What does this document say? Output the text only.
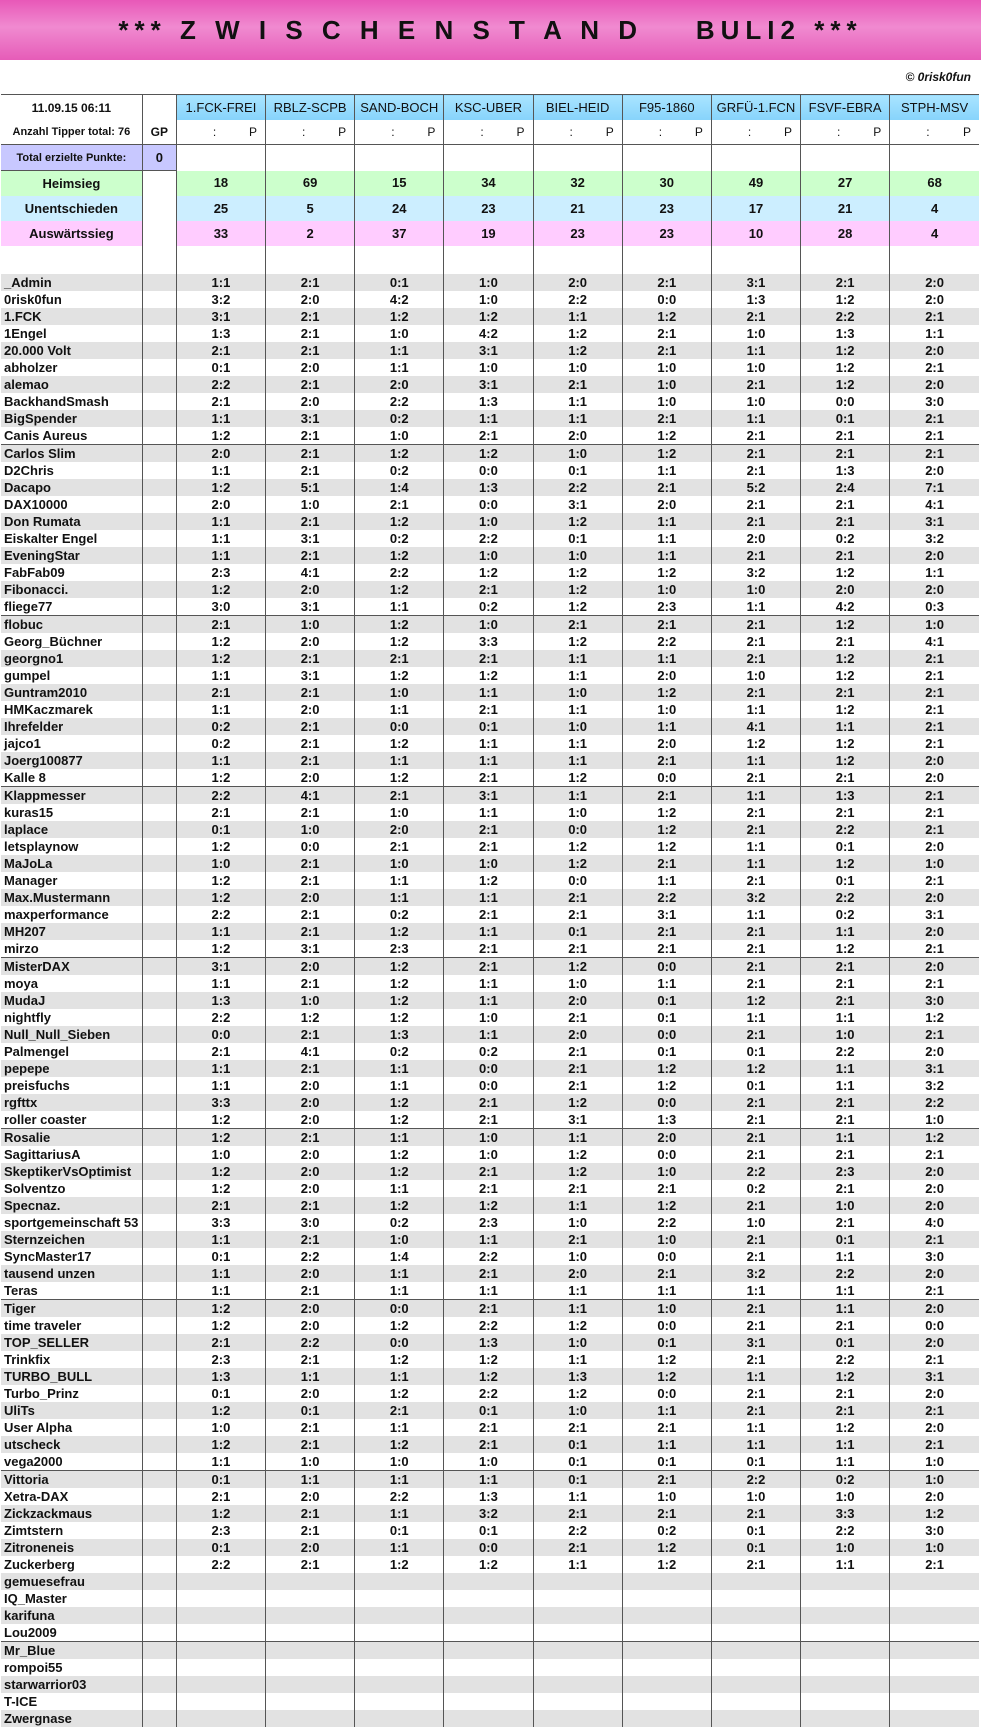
*** Z W I S C H E N S T A N D    BULI2 ***
© 0risk0fun
11.09.15 06:11		1.FCK-FREI	RBLZ-SCPB	SAND-BOCH	KSC-UBER	BIEL-HEID	F95-1860	GRFÜ-1.FCN	FSVF-EBRA	STPH-MSV
Anzahl Tipper total: 76	GP	: P	: P	: P	: P	: P	: P	: P	: P	: P

Total erzielte Punkte:	0									
Heimsieg		18	69	15	34	32	30	49	27	68
Unentschieden		25	5	24	23	21	23	17	21	4
Auswärtssieg		33	2	37	19	23	23	10	28	4

_Admin		1:1	2:1	0:1	1:0	2:0	2:1	3:1	2:1	2:0
0risk0fun		3:2	2:0	4:2	1:0	2:2	0:0	1:3	1:2	2:0
1.FCK		3:1	2:1	1:2	1:2	1:1	1:2	2:1	2:2	2:1
1Engel		1:3	2:1	1:0	4:2	1:2	2:1	1:0	1:3	1:1
20.000 Volt		2:1	2:1	1:1	3:1	1:2	2:1	1:1	1:2	2:0
abholzer		0:1	2:0	1:1	1:0	1:0	1:0	1:0	1:2	2:1
alemao		2:2	2:1	2:0	3:1	2:1	1:0	2:1	1:2	2:0
BackhandSmash		2:1	2:0	2:2	1:3	1:1	1:0	1:0	0:0	3:0
BigSpender		1:1	3:1	0:2	1:1	1:1	2:1	1:1	0:1	2:1
Canis Aureus		1:2	2:1	1:0	2:1	2:0	1:2	2:1	2:1	2:1
Carlos Slim		2:0	2:1	1:2	1:2	1:0	1:2	2:1	2:1	2:1
D2Chris		1:1	2:1	0:2	0:0	0:1	1:1	2:1	1:3	2:0
Dacapo		1:2	5:1	1:4	1:3	2:2	2:1	5:2	2:4	7:1
DAX10000		2:0	1:0	2:1	0:0	3:1	2:0	2:1	2:1	4:1
Don Rumata		1:1	2:1	1:2	1:0	1:2	1:1	2:1	2:1	3:1
Eiskalter Engel		1:1	3:1	0:2	2:2	0:1	1:1	2:0	0:2	3:2
EveningStar		1:1	2:1	1:2	1:0	1:0	1:1	2:1	2:1	2:0
FabFab09		2:3	4:1	2:2	1:2	1:2	1:2	3:2	1:2	1:1
Fibonacci.		1:2	2:0	1:2	2:1	1:2	1:0	1:0	2:0	2:0
fliege77		3:0	3:1	1:1	0:2	1:2	2:3	1:1	4:2	0:3
flobuc		2:1	1:0	1:2	1:0	2:1	2:1	2:1	1:2	1:0
Georg_Büchner		1:2	2:0	1:2	3:3	1:2	2:2	2:1	2:1	4:1
georgno1		1:2	2:1	2:1	2:1	1:1	1:1	2:1	1:2	2:1
gumpel		1:1	3:1	1:2	1:2	1:1	2:0	1:0	1:2	2:1
Guntram2010		2:1	2:1	1:0	1:1	1:0	1:2	2:1	2:1	2:1
HMKaczmarek		1:1	2:0	1:1	2:1	1:1	1:0	1:1	1:2	2:1
Ihrefelder		0:2	2:1	0:0	0:1	1:0	1:1	4:1	1:1	2:1
jajco1		0:2	2:1	1:2	1:1	1:1	2:0	1:2	1:2	2:1
Joerg100877		1:1	2:1	1:1	1:1	1:1	2:1	1:1	1:2	2:0
Kalle 8		1:2	2:0	1:2	2:1	1:2	0:0	2:1	2:1	2:0
Klappmesser		2:2	4:1	2:1	3:1	1:1	2:1	1:1	1:3	2:1
kuras15		2:1	2:1	1:0	1:1	1:0	1:2	2:1	2:1	2:1
laplace		0:1	1:0	2:0	2:1	0:0	1:2	2:1	2:2	2:1
letsplaynow		1:2	0:0	2:1	2:1	1:2	1:2	1:1	0:1	2:0
MaJoLa		1:0	2:1	1:0	1:0	1:2	2:1	1:1	1:2	1:0
Manager		1:2	2:1	1:1	1:2	0:0	1:1	2:1	0:1	2:1
Max.Mustermann		1:2	2:0	1:1	1:1	2:1	2:2	3:2	2:2	2:0
maxperformance		2:2	2:1	0:2	2:1	2:1	3:1	1:1	0:2	3:1
MH207		1:1	2:1	1:2	1:1	0:1	2:1	2:1	1:1	2:0
mirzo		1:2	3:1	2:3	2:1	2:1	2:1	2:1	1:2	2:1
MisterDAX		3:1	2:0	1:2	2:1	1:2	0:0	2:1	2:1	2:0
moya		1:1	2:1	1:2	1:1	1:0	1:1	2:1	2:1	2:1
MudaJ		1:3	1:0	1:2	1:1	2:0	0:1	1:2	2:1	3:0
nightfly		2:2	1:2	1:2	1:0	2:1	0:1	1:1	1:1	1:2
Null_Null_Sieben		0:0	2:1	1:3	1:1	2:0	0:0	2:1	1:0	2:1
Palmengel		2:1	4:1	0:2	0:2	2:1	0:1	0:1	2:2	2:0
pepepe		1:1	2:1	1:1	0:0	2:1	1:2	1:2	1:1	3:1
preisfuchs		1:1	2:0	1:1	0:0	2:1	1:2	0:1	1:1	3:2
rgfttx		3:3	2:0	1:2	2:1	1:2	0:0	2:1	2:1	2:2
roller coaster		1:2	2:0	1:2	2:1	3:1	1:3	2:1	2:1	1:0
Rosalie		1:2	2:1	1:1	1:0	1:1	2:0	2:1	1:1	1:2
SagittariusA		1:0	2:0	1:2	1:0	1:2	0:0	2:1	2:1	2:1
SkeptikerVsOptimist		1:2	2:0	1:2	2:1	1:2	1:0	2:2	2:3	2:0
Solventzo		1:2	2:0	1:1	2:1	2:1	2:1	0:2	2:1	2:0
Specnaz.		2:1	2:1	1:2	1:2	1:1	1:2	2:1	1:0	2:0
sportgemeinschaft 53		3:3	3:0	0:2	2:3	1:0	2:2	1:0	2:1	4:0
Sternzeichen		1:1	2:1	1:0	1:1	2:1	1:0	2:1	0:1	2:1
SyncMaster17		0:1	2:2	1:4	2:2	1:0	0:0	2:1	1:1	3:0
tausend unzen		1:1	2:0	1:1	2:1	2:0	2:1	3:2	2:2	2:0
Teras		1:1	2:1	1:1	1:1	1:1	1:1	1:1	1:1	2:1
Tiger		1:2	2:0	0:0	2:1	1:1	1:0	2:1	1:1	2:0
time traveler		1:2	2:0	1:2	2:2	1:2	0:0	2:1	2:1	0:0
TOP_SELLER		2:1	2:2	0:0	1:3	1:0	0:1	3:1	0:1	2:0
Trinkfix		2:3	2:1	1:2	1:2	1:1	1:2	2:1	2:2	2:1
TURBO_BULL		1:3	1:1	1:1	1:2	1:3	1:2	1:1	1:2	3:1
Turbo_Prinz		0:1	2:0	1:2	2:2	1:2	0:0	2:1	2:1	2:0
UliTs		1:2	0:1	2:1	0:1	1:0	1:1	2:1	2:1	2:1
User Alpha		1:0	2:1	1:1	2:1	2:1	2:1	1:1	1:2	2:0
utscheck		1:2	2:1	1:2	2:1	0:1	1:1	1:1	1:1	2:1
vega2000		1:1	1:0	1:0	1:0	0:1	0:1	0:1	1:1	1:0
Vittoria		0:1	1:1	1:1	1:1	0:1	2:1	2:2	0:2	1:0
Xetra-DAX		2:1	2:0	2:2	1:3	1:1	1:0	1:0	1:0	2:0
Zickzackmaus		1:2	2:1	1:1	3:2	2:1	2:1	2:1	3:3	1:2
Zimtstern		2:3	2:1	0:1	0:1	2:2	0:2	0:1	2:2	3:0
Zitroneneis		0:1	2:0	1:1	0:0	2:1	1:2	0:1	1:0	1:0
Zuckerberg		2:2	2:1	1:2	1:2	1:1	1:2	2:1	1:1	2:1
gemuesefrau										
IQ_Master										
karifuna										
Lou2009										
Mr_Blue										
rompoi55										
starwarrior03										
T-ICE										
Zwergnase										
